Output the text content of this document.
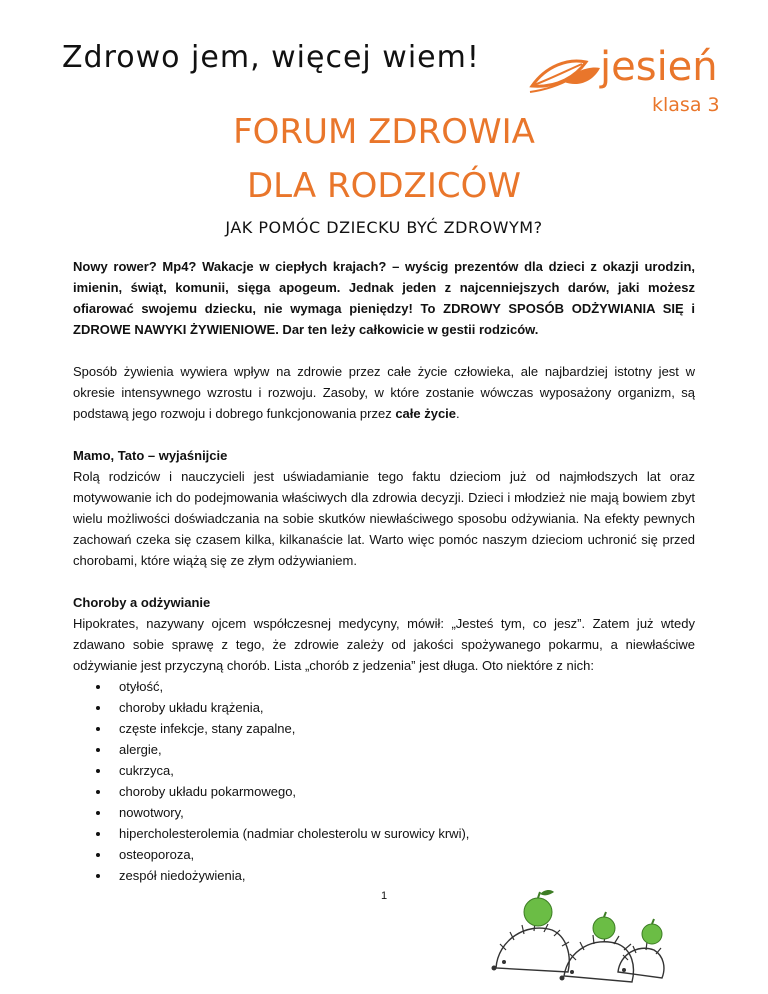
Zdrowo jem, więcej wiem!	jesień
klasa 3
FORUM ZDROWIA
DLA RODZICÓW
JAK POMÓC DZIECKU BYĆ ZDROWYM?

Nowy rower? Mp4? Wakacje w ciepłych krajach? – wyścig prezentów dla dzieci z okazji urodzin, imienin, świąt, komunii, sięga apogeum. Jednak jeden z najcenniejszych darów, jaki możesz ofiarować swojemu dziecku, nie wymaga pieniędzy! To ZDROWY SPOSÓB ODŻYWIANIA SIĘ i ZDROWE NAWYKI ŻYWIENIOWE. Dar ten leży całkowicie w gestii rodziców.

Sposób żywienia wywiera wpływ na zdrowie przez całe życie człowieka, ale najbardziej istotny jest w okresie intensywnego wzrostu i rozwoju. Zasoby, w które zostanie wówczas wyposażony organizm, są podstawą jego rozwoju i dobrego funkcjonowania przez całe życie.

Mamo, Tato – wyjaśnijcie
Rolą rodziców i nauczycieli jest uświadamianie tego faktu dzieciom już od najmłodszych lat oraz motywowanie ich do podejmowania właściwych dla zdrowia decyzji. Dzieci i młodzież nie mają bowiem zbyt wielu możliwości doświadczania na sobie skutków niewłaściwego sposobu odżywiania. Na efekty pewnych zachowań czeka się czasem kilka, kilkanaście lat. Warto więc pomóc naszym dzieciom uchronić się przed chorobami, które wiążą się ze złym odżywianiem.

Choroby a odżywianie
Hipokrates, nazywany ojcem współczesnej medycyny, mówił: „Jesteś tym, co jesz”. Zatem już wtedy zdawano sobie sprawę z tego, że zdrowie zależy od jakości spożywanego pokarmu, a niewłaściwe odżywianie jest przyczyną chorób. Lista „chorób z jedzenia” jest długa. Oto niektóre z nich:
• otyłość,
• choroby układu krążenia,
• częste infekcje, stany zapalne,
• alergie,
• cukrzyca,
• choroby układu pokarmowego,
• nowotwory,
• hipercholesterolemia (nadmiar cholesterolu w surowicy krwi),
• osteoporoza,
• zespół niedożywienia,
1
